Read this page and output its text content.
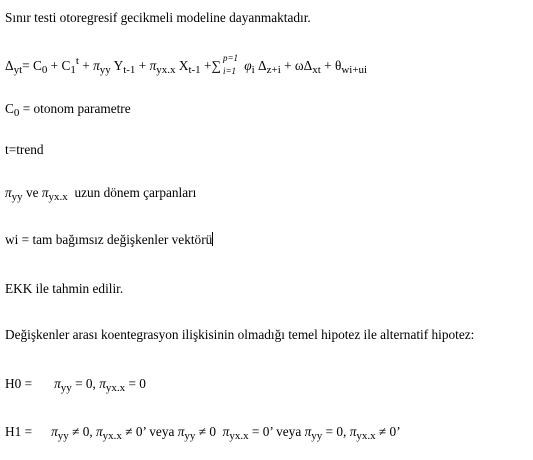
Sınır testi otoregresif gecikmeli modeline dayanmaktadır.
$\Delta_{yt}= C_0 + C_1^t + \pi_{yy}$ $Y_{t-1} + \pi_{yx.x}$ $X_{t-1}$ +∑ p=1
i=1 $\varphi_i$ $\Delta_{z+i} + \omega\Delta_{xt} + \theta_{wi+ui}$
$C_0$ = otonom parametre
t=trend
$\pi_{yy}$ ve $\pi_{yx.x}$  uzun dönem çarpanları
wi = tam bağımsız değişkenler vektörü
EKK ile tahmin edilir.
Değişkenler arası koentegrasyon ilişkisinin olmadığı temel hipotez ile alternatif hipotez:
$H0 = \pi_{yy} = 0$, $\pi_{yx.x} = 0$
$H1 = \pi_{yy} \ne 0$, $\pi_{yx.x} \ne 0$’ veya $\pi_{yy} \ne 0$  $\pi_{yx.x} = 0$’ veya $\pi_{yy} = 0$, $\pi_{yx.x} \ne 0$’
